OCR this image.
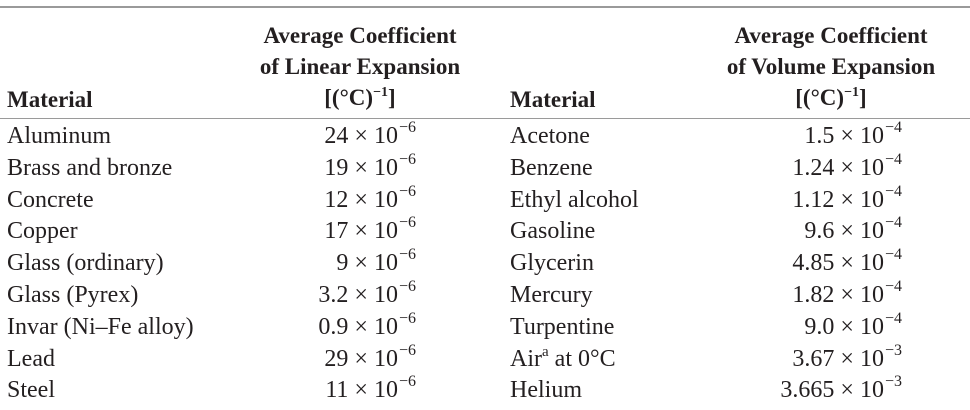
Material
Average Coefficient
of Linear Expansion
$[(^\circ C)^{-1}]$	Material
Average Coefficient
of Volume Expansion
$[(^\circ C)^{-1}]$
Aluminum
Brass and bronze
Concrete
Copper
Glass (ordinary)
Glass (Pyrex)
Invar (Ni–Fe alloy)
Lead
Steel
$24 \times 10^{-6}$
$19 \times 10^{-6}$
$12 \times 10^{-6}$
$17 \times 10^{-6}$
$9 \times 10^{-6}$
$3.2 \times 10^{-6}$
$0.9 \times 10^{-6}$
$29 \times 10^{-6}$
$11 \times 10^{-6}$
Acetone
Benzene
Ethyl alcohol
Gasoline
Glycerin
Mercury
Turpentine
Air$^a$ at 0°C
Helium
$1.5 \times 10^{-4}$
$1.24 \times 10^{-4}$
$1.12 \times 10^{-4}$
$9.6 \times 10^{-4}$
$4.85 \times 10^{-4}$
$1.82 \times 10^{-4}$
$9.0 \times 10^{-4}$
$3.67 \times 10^{-3}$
$3.665 \times 10^{-3}$
